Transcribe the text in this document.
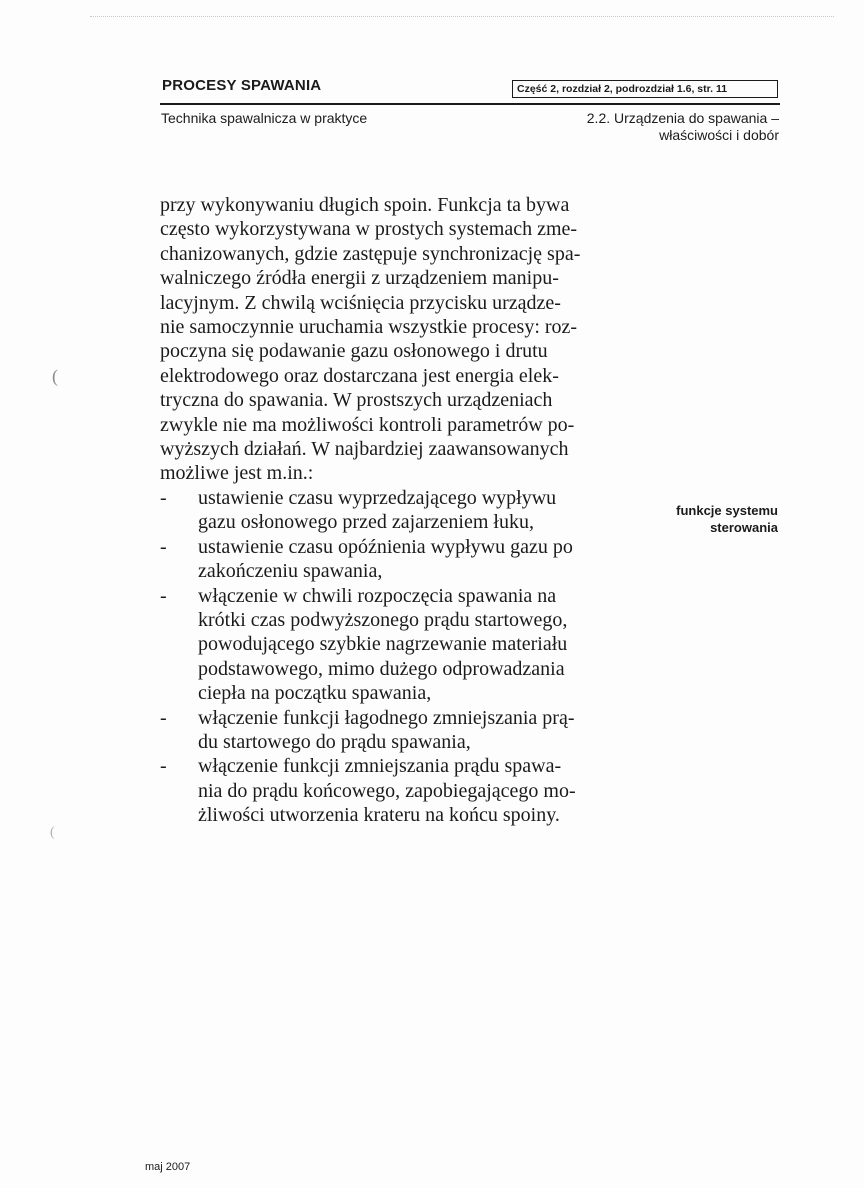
PROCESY SPAWANIA	Część 2, rozdział 2, podrozdział 1.6, str. 11
Technika spawalnicza w praktyce	2.2. Urządzenia do spawania –
właściwości i dobór
przy wykonywaniu długich spoin. Funkcja ta bywa
często wykorzystywana w prostych systemach zme-
chanizowanych, gdzie zastępuje synchronizację spa-
walniczego źródła energii z urządzeniem manipu-
lacyjnym. Z chwilą wciśnięcia przycisku urządze-
nie samoczynnie uruchamia wszystkie procesy: roz-
poczyna się podawanie gazu osłonowego i drutu
elektrodowego oraz dostarczana jest energia elek-
tryczna do spawania. W prostszych urządzeniach
zwykle nie ma możliwości kontroli parametrów po-
wyższych działań. W najbardziej zaawansowanych
możliwe jest m.in.:
- ustawienie czasu wyprzedzającego wypływu
gazu osłonowego przed zajarzeniem łuku,
- ustawienie czasu opóźnienia wypływu gazu po
zakończeniu spawania,
- włączenie w chwili rozpoczęcia spawania na
krótki czas podwyższonego prądu startowego,
powodującego szybkie nagrzewanie materiału
podstawowego, mimo dużego odprowadzania
ciepła na początku spawania,
- włączenie funkcji łagodnego zmniejszania prą-
du startowego do prądu spawania,
- włączenie funkcji zmniejszania prądu spawa-
nia do prądu końcowego, zapobiegającego mo-
żliwości utworzenia krateru na końcu spoiny.
funkcje systemu
sterowania
(
(
maj 2007
